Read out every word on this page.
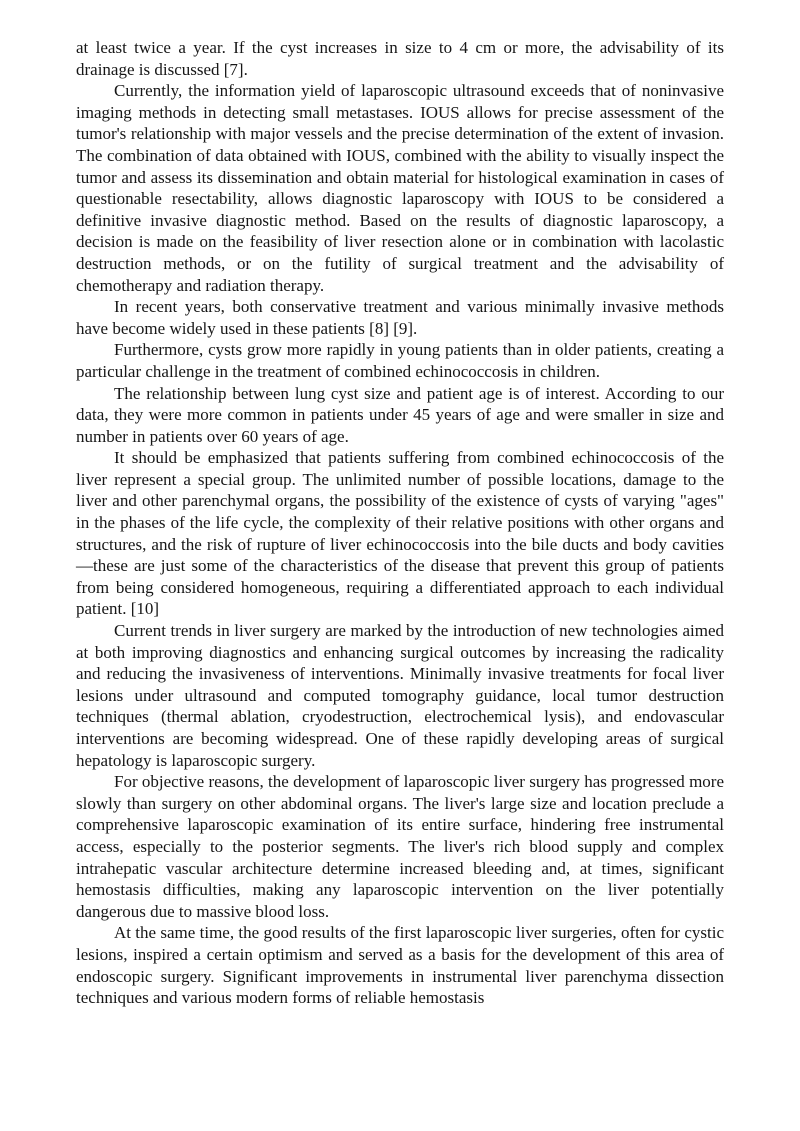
at least twice a year. If the cyst increases in size to 4 cm or more, the advisability of its drainage is discussed [7].

Currently, the information yield of laparoscopic ultrasound exceeds that of noninvasive imaging methods in detecting small metastases. IOUS allows for precise assessment of the tumor's relationship with major vessels and the precise determination of the extent of invasion. The combination of data obtained with IOUS, combined with the ability to visually inspect the tumor and assess its dissemination and obtain material for histological examination in cases of questionable resectability, allows diagnostic laparoscopy with IOUS to be considered a definitive invasive diagnostic method. Based on the results of diagnostic laparoscopy, a decision is made on the feasibility of liver resection alone or in combination with lacolastic destruction methods, or on the futility of surgical treatment and the advisability of chemotherapy and radiation therapy.

In recent years, both conservative treatment and various minimally invasive methods have become widely used in these patients [8] [9].

Furthermore, cysts grow more rapidly in young patients than in older patients, creating a particular challenge in the treatment of combined echinococcosis in children.

The relationship between lung cyst size and patient age is of interest. According to our data, they were more common in patients under 45 years of age and were smaller in size and number in patients over 60 years of age.

It should be emphasized that patients suffering from combined echinococcosis of the liver represent a special group. The unlimited number of possible locations, damage to the liver and other parenchymal organs, the possibility of the existence of cysts of varying "ages" in the phases of the life cycle, the complexity of their relative positions with other organs and structures, and the risk of rupture of liver echinococcosis into the bile ducts and body cavities—these are just some of the characteristics of the disease that prevent this group of patients from being considered homogeneous, requiring a differentiated approach to each individual patient. [10]

Current trends in liver surgery are marked by the introduction of new technologies aimed at both improving diagnostics and enhancing surgical outcomes by increasing the radicality and reducing the invasiveness of interventions. Minimally invasive treatments for focal liver lesions under ultrasound and computed tomography guidance, local tumor destruction techniques (thermal ablation, cryodestruction, electrochemical lysis), and endovascular interventions are becoming widespread. One of these rapidly developing areas of surgical hepatology is laparoscopic surgery.

For objective reasons, the development of laparoscopic liver surgery has progressed more slowly than surgery on other abdominal organs. The liver's large size and location preclude a comprehensive laparoscopic examination of its entire surface, hindering free instrumental access, especially to the posterior segments. The liver's rich blood supply and complex intrahepatic vascular architecture determine increased bleeding and, at times, significant hemostasis difficulties, making any laparoscopic intervention on the liver potentially dangerous due to massive blood loss.

At the same time, the good results of the first laparoscopic liver surgeries, often for cystic lesions, inspired a certain optimism and served as a basis for the development of this area of endoscopic surgery. Significant improvements in instrumental liver parenchyma dissection techniques and various modern forms of reliable hemostasis
